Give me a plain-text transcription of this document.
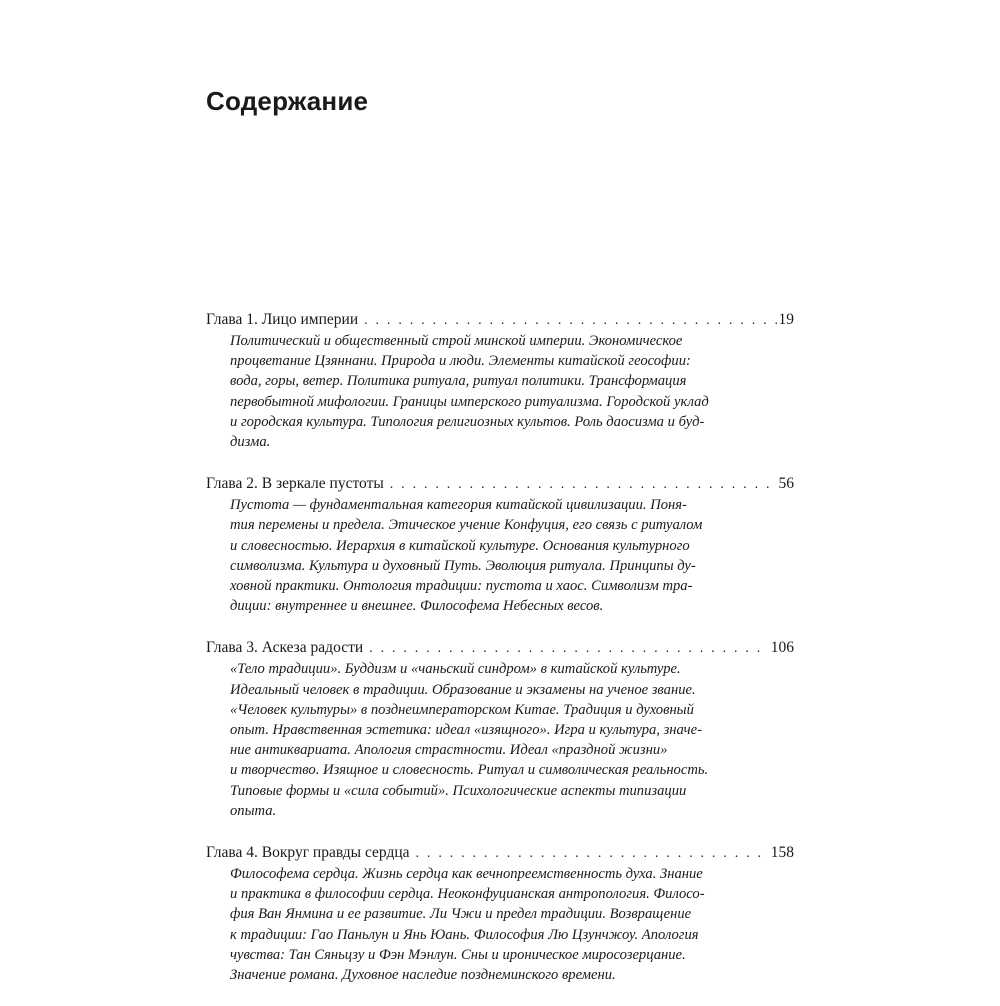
Содержание
Глава 1. Лицо империи . . .	19
Политический и общественный строй минской империи. Экономическое
процветание Цзяннани. Природа и люди. Элементы китайской геософии:
вода, горы, ветер. Политика ритуала, ритуал политики. Трансформация
первобытной мифологии. Границы имперского ритуализма. Городской уклад
и городская культура. Типология религиозных культов. Роль даосизма и буд-
дизма.
Глава 2. В зеркале пустоты . . .	56
Пустота — фундаментальная категория китайской цивилизации. Поня-
тия перемены и предела. Этическое учение Конфуция, его связь с ритуалом
и словесностью. Иерархия в китайской культуре. Основания культурного
символизма. Культура и духовный Путь. Эволюция ритуала. Принципы ду-
ховной практики. Онтология традиции: пустота и хаос. Символизм тра-
диции: внутреннее и внешнее. Философема Небесных весов.
Глава 3. Аскеза радости . . .	106
«Тело традиции». Буддизм и «чаньский синдром» в китайской культуре.
Идеальный человек в традиции. Образование и экзамены на ученое звание.
«Человек культуры» в позднеимператорском Китае. Традиция и духовный
опыт. Нравственная эстетика: идеал «изящного». Игра и культура, значе-
ние антиквариата. Апология страстности. Идеал «праздной жизни»
и творчество. Изящное и словесность. Ритуал и символическая реальность.
Типовые формы и «сила событий». Психологические аспекты типизации
опыта.
Глава 4. Вокруг правды сердца . . .	158
Философема сердца. Жизнь сердца как вечнопреемственность духа. Знание
и практика в философии сердца. Неоконфуцианская антропология. Филосо-
фия Ван Янмина и ее развитие. Ли Чжи и предел традиции. Возвращение
к традиции: Гао Паньлун и Янь Юань. Философия Лю Цзунчжоу. Апология
чувства: Тан Сяньцзу и Фэн Мэнлун. Сны и ироническое миросозерцание.
Значение романа. Духовное наследие позднеминского времени.
